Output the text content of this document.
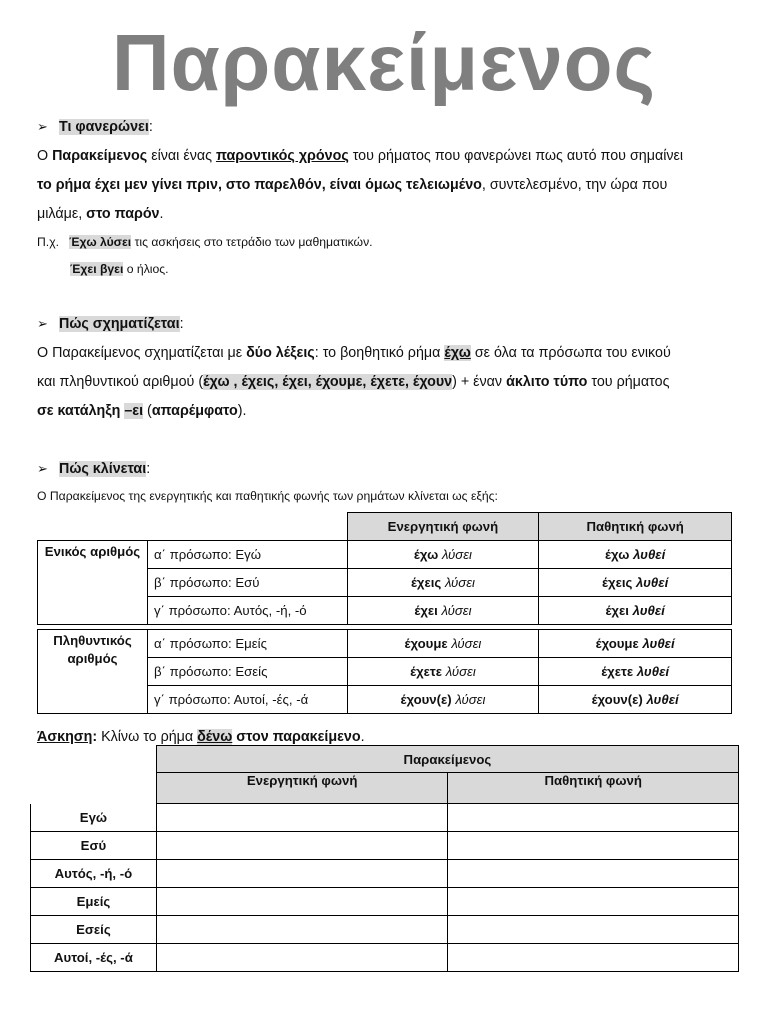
Παρακείμενος
➢ Τι φανερώνει:
Ο Παρακείμενος είναι ένας παροντικός χρόνος του ρήματος που φανερώνει πως αυτό που σημαίνει
το ρήμα έχει μεν γίνει πριν, στο παρελθόν, είναι όμως τελειωμένο, συντελεσμένο, την ώρα που
μιλάμε, στο παρόν.
Π.χ. Έχω λύσει τις ασκήσεις στο τετράδιο των μαθηματικών.
Έχει βγει ο ήλιος.
➢ Πώς σχηματίζεται:
Ο Παρακείμενος σχηματίζεται με δύο λέξεις: το βοηθητικό ρήμα έχω σε όλα τα πρόσωπα του ενικού
και πληθυντικού αριθμού (έχω , έχεις, έχει, έχουμε, έχετε, έχουν) + έναν άκλιτο τύπο του ρήματος
σε κατάληξη –ει (απαρέμφατο).
➢ Πώς κλίνεται:
Ο Παρακείμενος της ενεργητικής και παθητικής φωνής των ρημάτων κλίνεται ως εξής:
		Ενεργητική φωνή	Παθητική φωνή
Ενικός αριθμός	α΄ πρόσωπο: Εγώ	έχω λύσει	έχω λυθεί
	β΄ πρόσωπο: Εσύ	έχεις λύσει	έχεις λυθεί
	γ΄ πρόσωπο: Αυτός, -ή, -ό	έχει λύσει	έχει λυθεί

Πληθυντικός αριθμός	α΄ πρόσωπο: Εμείς	έχουμε λύσει	έχουμε λυθεί
	β΄ πρόσωπο: Εσείς	έχετε λύσει	έχετε λυθεί
	γ΄ πρόσωπο: Αυτοί, -ές, -ά	έχουν(ε) λύσει	έχουν(ε) λυθεί
Άσκηση: Κλίνω το ρήμα δένω στον παρακείμενο.
	Παρακείμενος	
	Ενεργητική φωνή	Παθητική φωνή
Εγώ		
Εσύ		
Αυτός, -ή, -ό		
Εμείς		
Εσείς		
Αυτοί, -ές, -ά		
